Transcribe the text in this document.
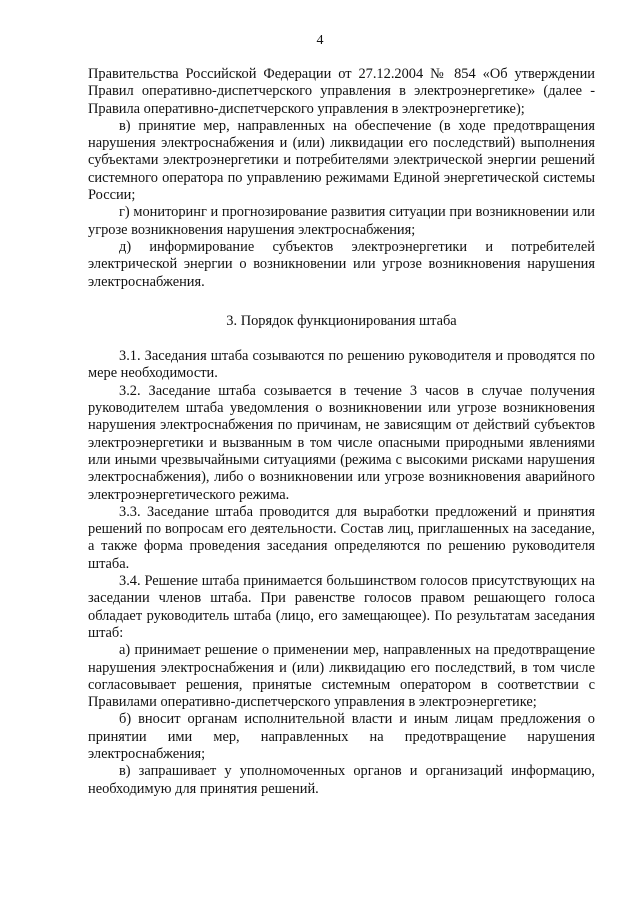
4

Правительства Российской Федерации от 27.12.2004 № 854 «Об утверждении Правил оперативно-диспетчерского управления в электроэнергетике» (далее - Правила оперативно-диспетчерского управления в электроэнергетике);

в) принятие мер, направленных на обеспечение (в ходе предотвращения нарушения электроснабжения и (или) ликвидации его последствий) выполнения субъектами электроэнергетики и потребителями электрической энергии решений системного оператора по управлению режимами Единой энергетической системы России;

г) мониторинг и прогнозирование развития ситуации при возникновении или угрозе возникновения нарушения электроснабжения;

д) информирование субъектов электроэнергетики и потребителей электрической энергии о возникновении или угрозе возникновения нарушения электроснабжения.

3. Порядок функционирования штаба

3.1. Заседания штаба созываются по решению руководителя и проводятся по мере необходимости.

3.2. Заседание штаба созывается в течение 3 часов в случае получения руководителем штаба уведомления о возникновении или угрозе возникновения нарушения электроснабжения по причинам, не зависящим от действий субъектов электроэнергетики и вызванным в том числе опасными природными явлениями или иными чрезвычайными ситуациями (режима с высокими рисками нарушения электроснабжения), либо о возникновении или угрозе возникновения аварийного электроэнергетического режима.

3.3. Заседание штаба проводится для выработки предложений и принятия решений по вопросам его деятельности. Состав лиц, приглашенных на заседание, а также форма проведения заседания определяются по решению руководителя штаба.

3.4. Решение штаба принимается большинством голосов присутствующих на заседании членов штаба. При равенстве голосов правом решающего голоса обладает руководитель штаба (лицо, его замещающее). По результатам заседания штаб:

а) принимает решение о применении мер, направленных на предотвращение нарушения электроснабжения и (или) ликвидацию его последствий, в том числе согласовывает решения, принятые системным оператором в соответствии с Правилами оперативно-диспетчерского управления в электроэнергетике;

б) вносит органам исполнительной власти и иным лицам предложения о принятии ими мер, направленных на предотвращение нарушения электроснабжения;

в) запрашивает у уполномоченных органов и организаций информацию, необходимую для принятия решений.
